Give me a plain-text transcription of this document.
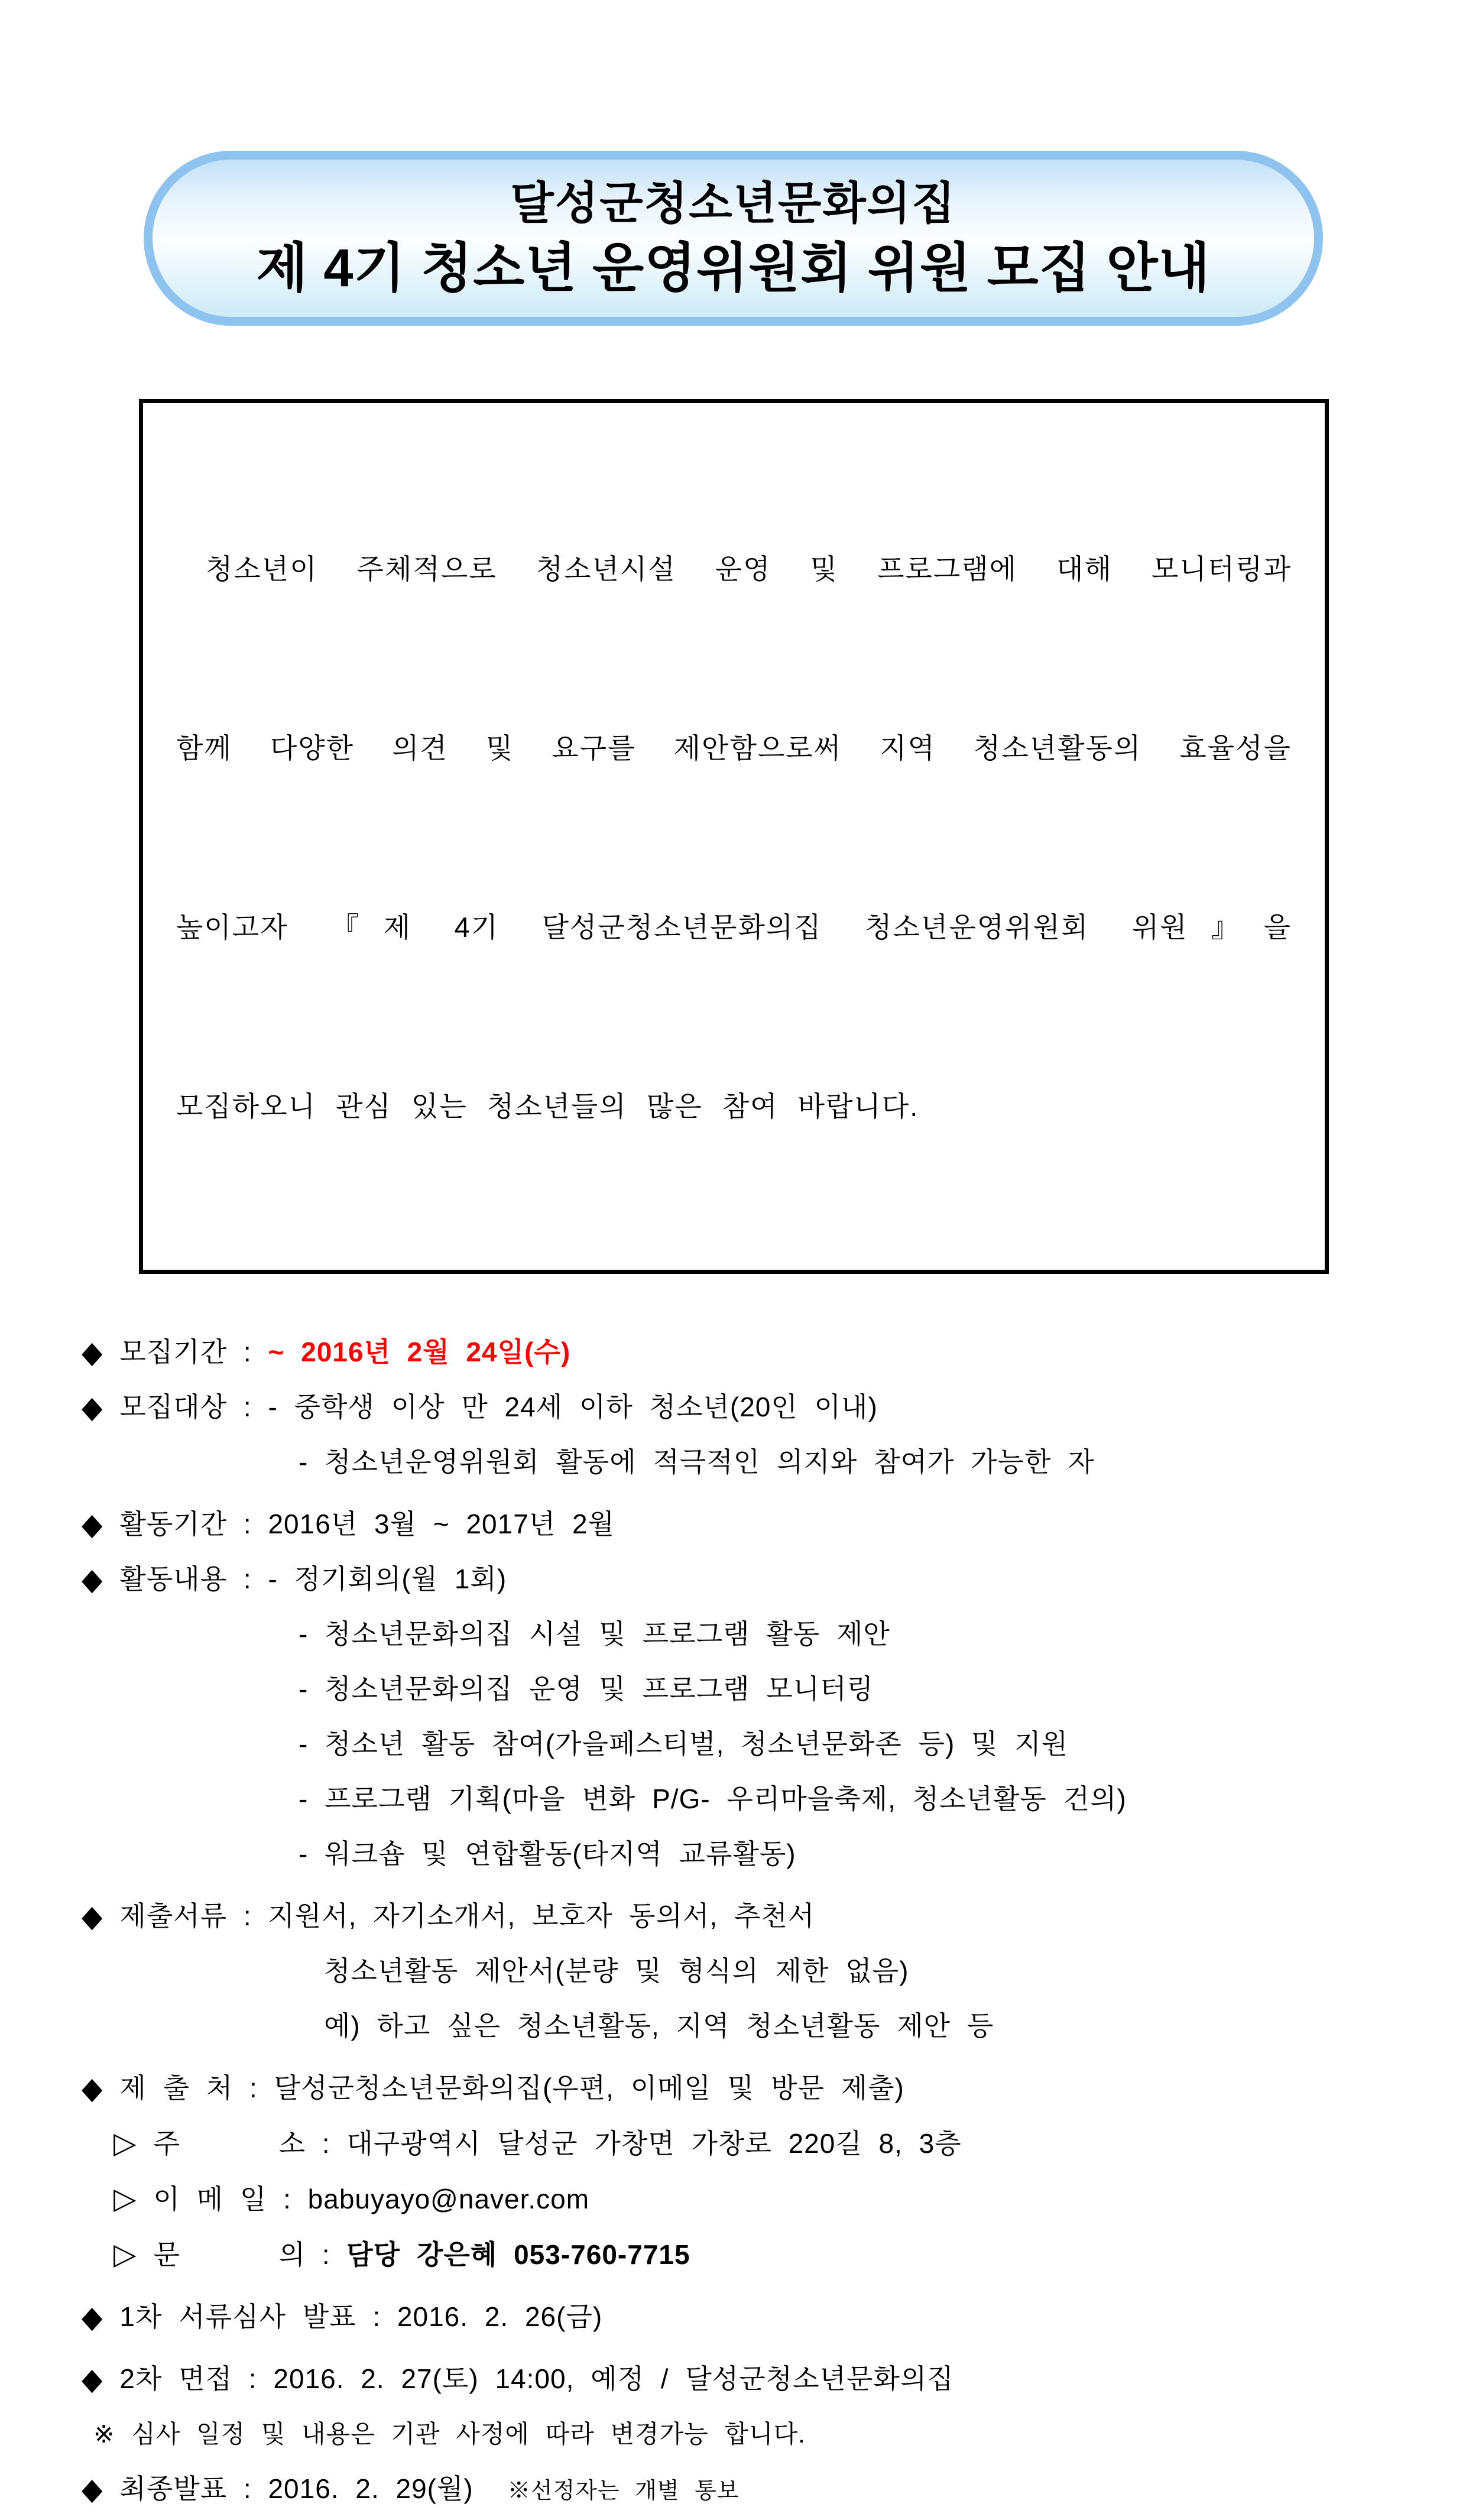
달성군청소년문화의집
제 4기 청소년 운영위원회 위원 모집 안내

청소년이 주체적으로 청소년시설 운영 및 프로그램에 대해 모니터링과

함께 다양한 의견 및 요구를 제안함으로써 지역 청소년활동의 효율성을

높이고자 『제 4기 달성군청소년문화의집 청소년운영위원회 위원』을

모집하오니 관심 있는 청소년들의 많은 참여 바랍니다.

◆ 모집기간 : ~ 2016년 2월 24일(수)
◆ 모집대상 : - 중학생 이상 만 24세 이하 청소년(20인 이내)
- 청소년운영위원회 활동에 적극적인 의지와 참여가 가능한 자
◆ 활동기간 : 2016년 3월 ~ 2017년 2월
◆ 활동내용 : - 정기회의(월 1회)
- 청소년문화의집 시설 및 프로그램 활동 제안
- 청소년문화의집 운영 및 프로그램 모니터링
- 청소년 활동 참여(가을페스티벌, 청소년문화존 등) 및 지원
- 프로그램 기획(마을 변화 P/G- 우리마을축제, 청소년활동 건의)
- 워크숍 및 연합활동(타지역 교류활동)
◆ 제출서류 : 지원서, 자기소개서, 보호자 동의서, 추천서
청소년활동 제안서(분량 및 형식의 제한 없음)
예) 하고 싶은 청소년활동, 지역 청소년활동 제안 등
◆ 제 출 처 : 달성군청소년문화의집(우편, 이메일 및 방문 제출)
▷ 주      소 : 대구광역시 달성군 가창면 가창로 220길 8, 3층
▷ 이 메 일 : babuyayo@naver.com
▷ 문      의 : 담당 강은혜 053-760-7715
◆ 1차 서류심사 발표 : 2016. 2. 26(금)
◆ 2차 면접 : 2016. 2. 27(토) 14:00, 예정 / 달성군청소년문화의집
※ 심사 일정 및 내용은 기관 사정에 따라 변경가능 합니다.
◆ 최종발표 : 2016. 2. 29(월) ※선정자는 개별 통보
